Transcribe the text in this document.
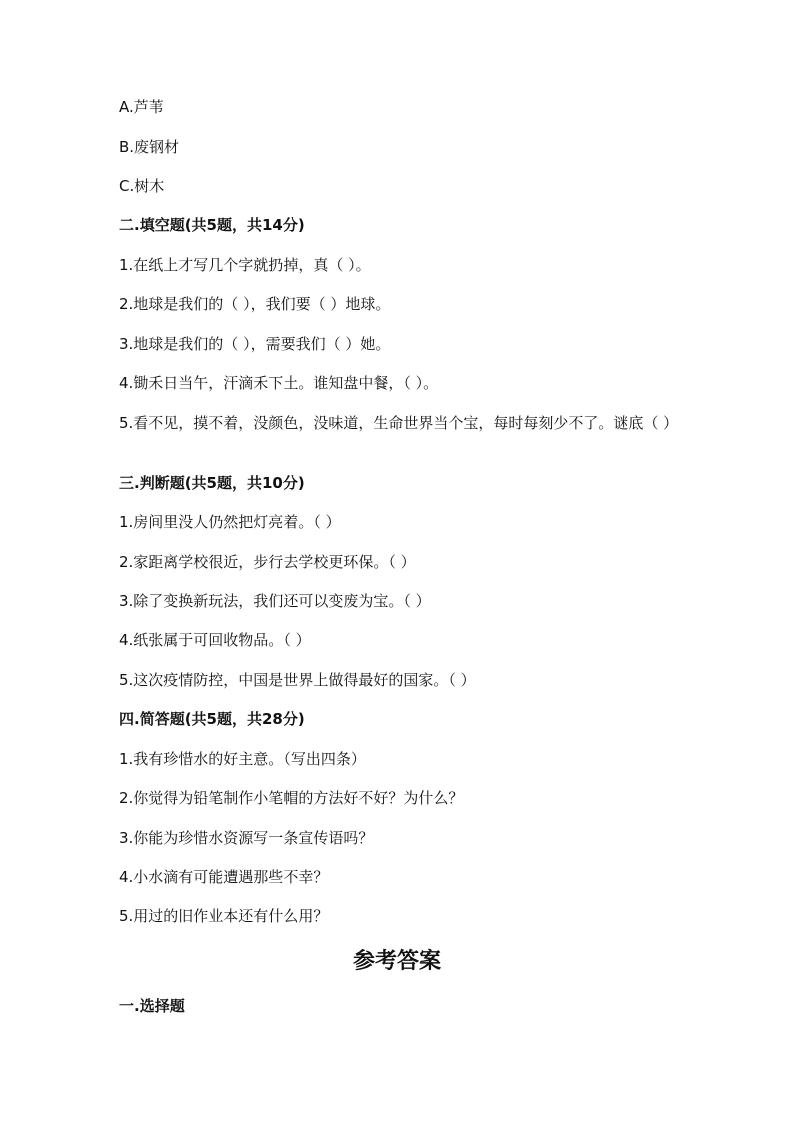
A.芦苇
B.废钢材
C.树木
二.填空题(共5题，共14分)
1.在纸上才写几个字就扔掉，真（ ）。
2.地球是我们的（ ），我们要（ ）地球。
3.地球是我们的（ ），需要我们（ ）她。
4.锄禾日当午，汗滴禾下土。谁知盘中餐，（ ）。
5.看不见，摸不着，没颜色，没味道，生命世界当个宝，每时每刻少不了。谜底（ ）
三.判断题(共5题，共10分)
1.房间里没人仍然把灯亮着。（ ）
2.家距离学校很近，步行去学校更环保。（ ）
3.除了变换新玩法，我们还可以变废为宝。（ ）
4.纸张属于可回收物品。（ ）
5.这次疫情防控，中国是世界上做得最好的国家。（ ）
四.简答题(共5题，共28分)
1.我有珍惜水的好主意。（写出四条）
2.你觉得为铅笔制作小笔帽的方法好不好？为什么？
3.你能为珍惜水资源写一条宣传语吗？
4.小水滴有可能遭遇那些不幸？
5.用过的旧作业本还有什么用？
参考答案
一.选择题
